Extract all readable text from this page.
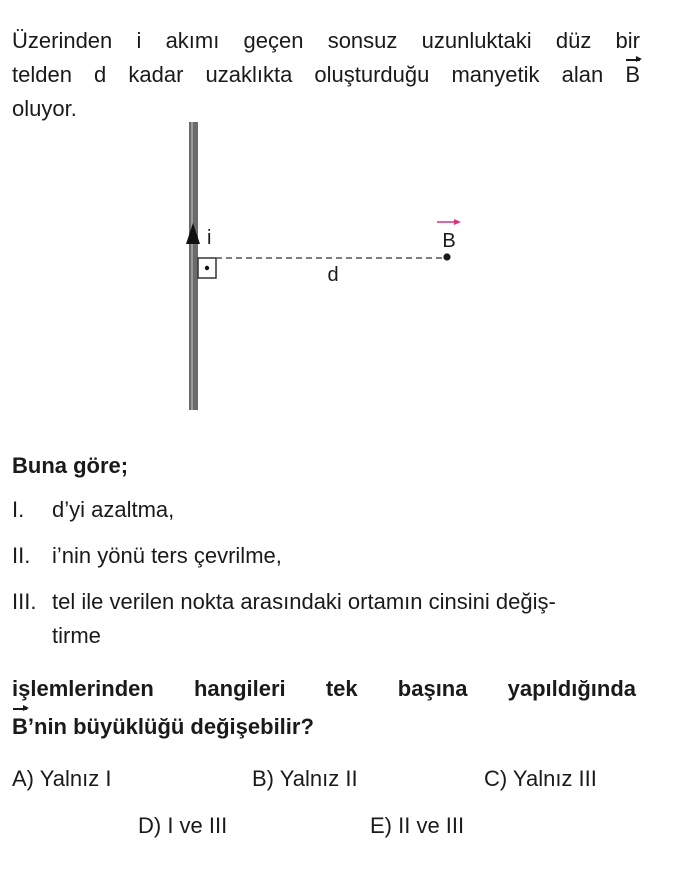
Üzerinden i akımı geçen sonsuz uzunluktaki düz bir
telden d kadar uzaklıkta oluşturduğu manyetik alan B
oluyor.
i
d
B
Buna göre;
I. d’yi azaltma,
II. i’nin yönü ters çevrilme,
III. tel ile verilen nokta arasındaki ortamın cinsini değiş-
tirme
işlemlerinden hangileri tek başına yapıldığında
B’nin büyüklüğü değişebilir?
A) Yalnız I	B) Yalnız II	C) Yalnız III
D) I ve III	E) II ve III
